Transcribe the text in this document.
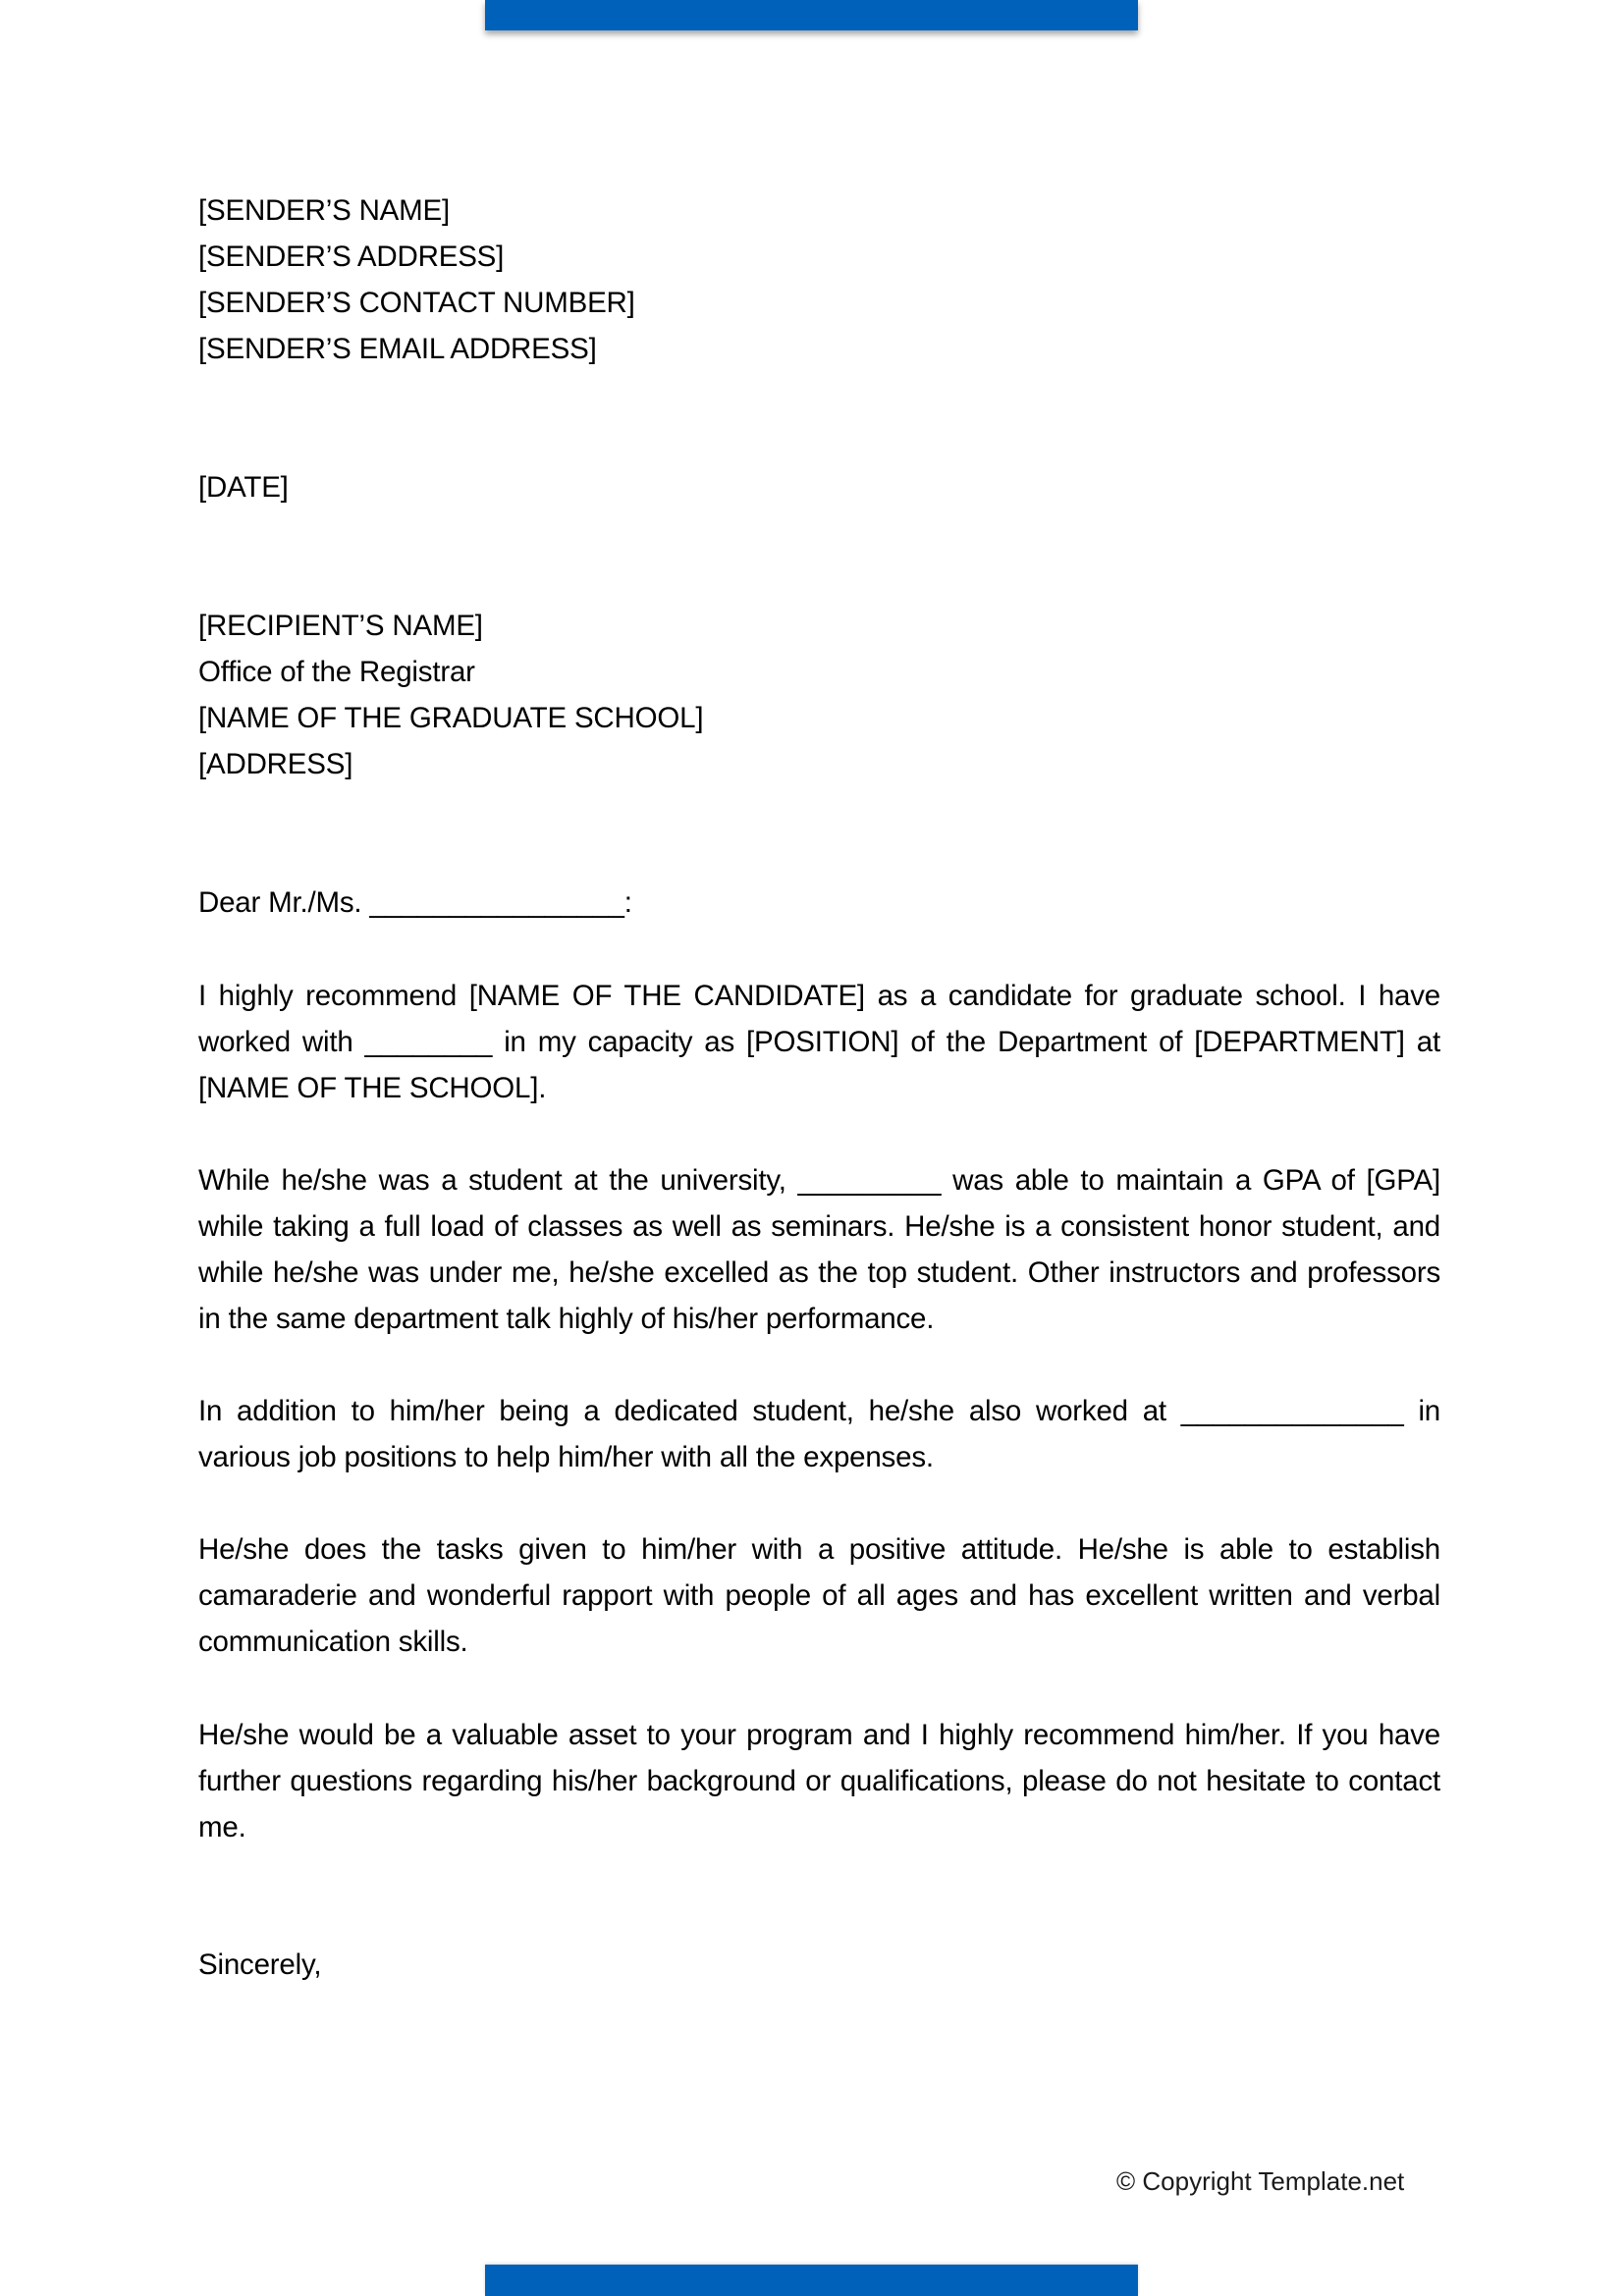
[SENDER’S NAME]
[SENDER’S ADDRESS]
[SENDER’S CONTACT NUMBER]
[SENDER’S EMAIL ADDRESS]
[DATE]
[RECIPIENT’S NAME]
Office of the Registrar
[NAME OF THE GRADUATE SCHOOL]
[ADDRESS]
Dear Mr./Ms. ________________:

I highly recommend [NAME OF THE CANDIDATE] as a candidate for graduate school. I have worked with ________ in my capacity as [POSITION] of the Department of [DEPARTMENT] at [NAME OF THE SCHOOL].

While he/she was a student at the university, _________ was able to maintain a GPA of [GPA] while taking a full load of classes as well as seminars. He/she is a consistent honor student, and while he/she was under me, he/she excelled as the top student. Other instructors and professors in the same department talk highly of his/her performance.

In addition to him/her being a dedicated student, he/she also worked at ______________ in various job positions to help him/her with all the expenses.

He/she does the tasks given to him/her with a positive attitude. He/she is able to establish camaraderie and wonderful rapport with people of all ages and has excellent written and verbal communication skills.

He/she would be a valuable asset to your program and I highly recommend him/her. If you have further questions regarding his/her background or qualifications, please do not hesitate to contact me.

Sincerely,
© Copyright Template.net
